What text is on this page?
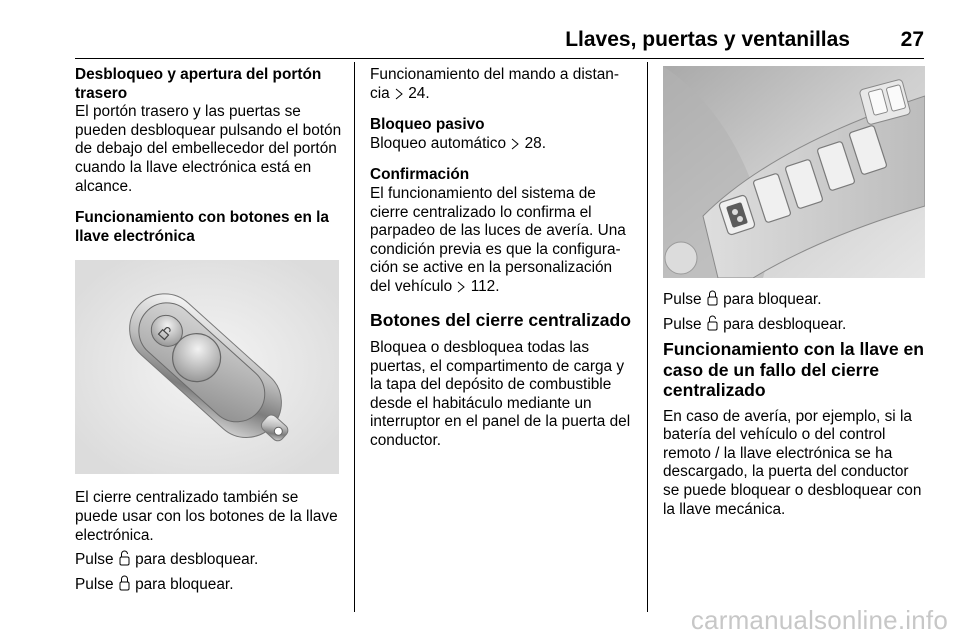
Llaves, puertas y ventanillas 27

Desbloqueo y apertura del portón trasero

El portón trasero y las puertas se pueden desbloquear pulsando el botón de debajo del embellecedor del portón cuando la llave electrónica está en alcance.

Funcionamiento con botones en la llave electrónica

El cierre centralizado también se puede usar con los botones de la llave electrónica.

Pulse para desbloquear.

Pulse para bloquear.

Funcionamiento del mando a distan-cia 24.

Bloqueo pasivo

Bloqueo automático 28.

Confirmación

El funcionamiento del sistema de cierre centralizado lo confirma el parpadeo de las luces de avería. Una condición previa es que la configura-ción se active en la personalización del vehículo 112.

Botones del cierre centralizado

Bloquea o desbloquea todas las puertas, el compartimento de carga y la tapa del depósito de combustible desde el habitáculo mediante un interruptor en el panel de la puerta del conductor.

Pulse para bloquear.

Pulse para desbloquear.

Funcionamiento con la llave en caso de un fallo del cierre centralizado

En caso de avería, por ejemplo, si la batería del vehículo o del control remoto / la llave electrónica se ha descargado, la puerta del conductor se puede bloquear o desbloquear con la llave mecánica.

carmanualsonline.info
